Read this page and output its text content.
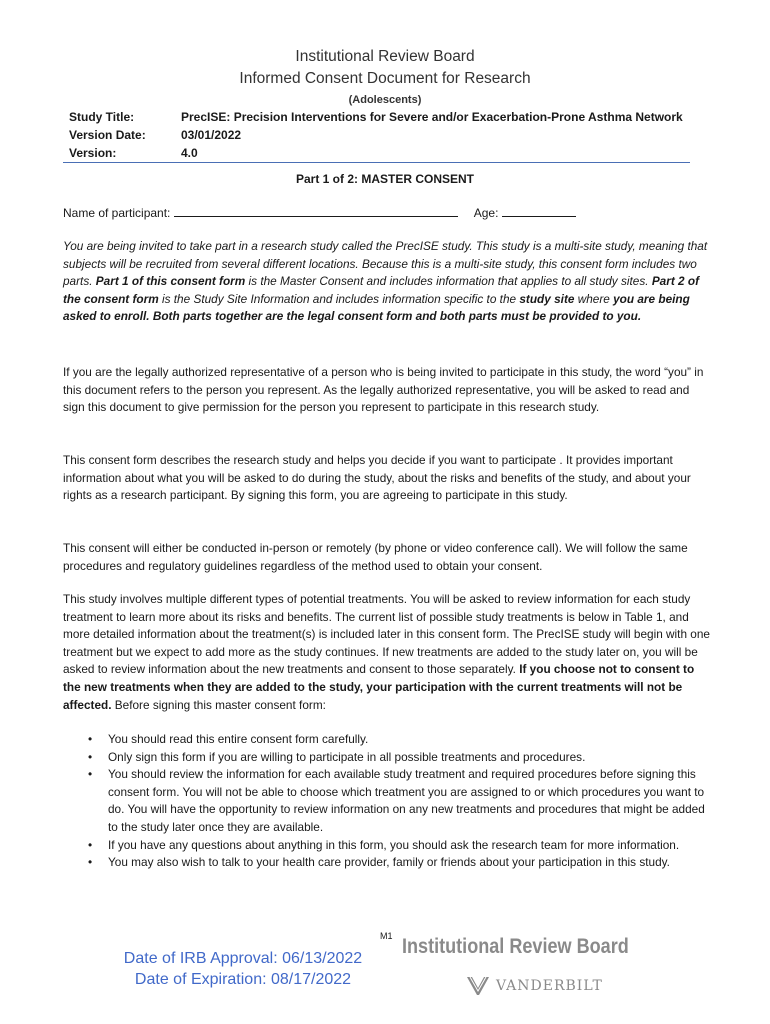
Institutional Review Board
Informed Consent Document for Research
(Adolescents)
Study Title:	PrecISE: Precision Interventions for Severe and/or Exacerbation-Prone Asthma Network
Version Date:	03/01/2022
Version:	4.0
Part 1 of 2: MASTER CONSENT
Name of participant:	Age:

You are being invited to take part in a research study called the PrecISE study. This study is a multi-site study, meaning that subjects will be recruited from several different locations. Because this is a multi-site study, this consent form includes two parts. Part 1 of this consent form is the Master Consent and includes information that applies to all study sites. Part 2 of the consent form is the Study Site Information and includes information specific to the study site where you are being asked to enroll. Both parts together are the legal consent form and both parts must be provided to you.

If you are the legally authorized representative of a person who is being invited to participate in this study, the word “you” in this document refers to the person you represent. As the legally authorized representative, you will be asked to read and sign this document to give permission for the person you represent to participate in this research study.

This consent form describes the research study and helps you decide if you want to participate . It provides important information about what you will be asked to do during the study, about the risks and benefits of the study, and about your rights as a research participant. By signing this form, you are agreeing to participate in this study.

This consent will either be conducted in-person or remotely (by phone or video conference call). We will follow the same procedures and regulatory guidelines regardless of the method used to obtain your consent.

This study involves multiple different types of potential treatments. You will be asked to review information for each study treatment to learn more about its risks and benefits. The current list of possible study treatments is below in Table 1, and more detailed information about the treatment(s) is included later in this consent form. The PrecISE study will begin with one treatment but we expect to add more as the study continues. If new treatments are added to the study later on, you will be asked to review information about the new treatments and consent to those separately. If you choose not to consent to the new treatments when they are added to the study, your participation with the current treatments will not be affected. Before signing this master consent form:

• You should read this entire consent form carefully.
• Only sign this form if you are willing to participate in all possible treatments and procedures.
• You should review the information for each available study treatment and required procedures before signing this consent form. You will not be able to choose which treatment you are assigned to or which procedures you want to do. You will have the opportunity to review information on any new treatments and procedures that might be added to the study later once they are available.
• If you have any questions about anything in this form, you should ask the research team for more information.
• You may also wish to talk to your health care provider, family or friends about your participation in this study.
M1
Date of IRB Approval: 06/13/2022
Date of Expiration: 08/17/2022
Institutional Review Board
VANDERBILT
